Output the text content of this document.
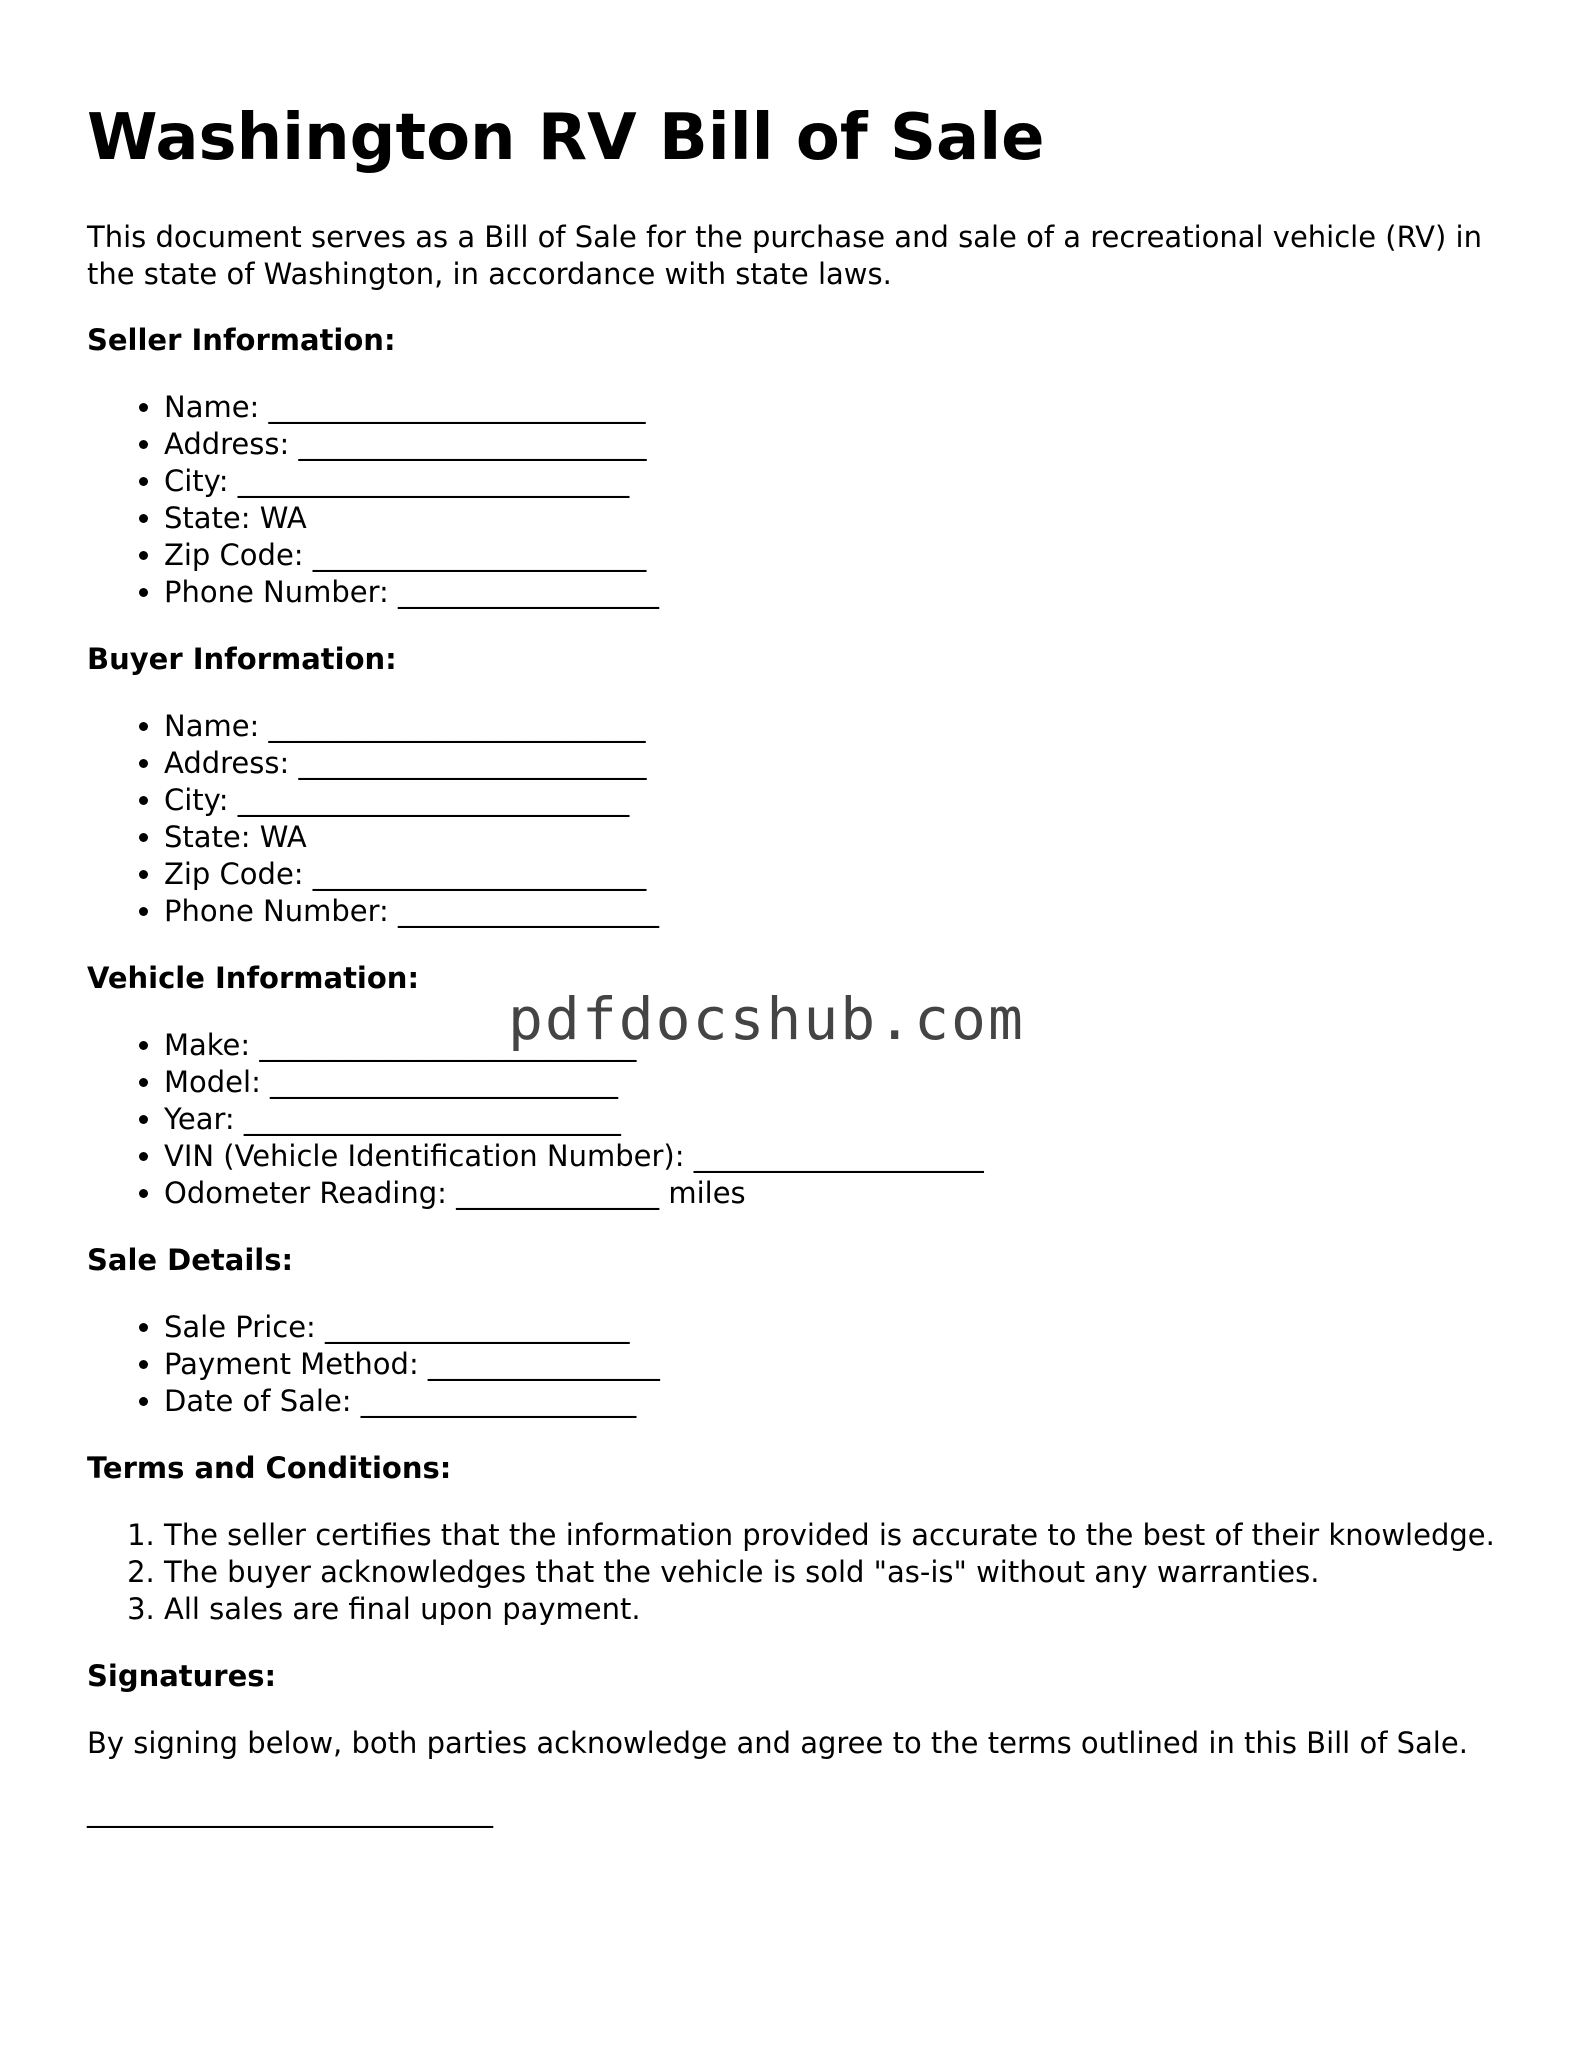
Washington RV Bill of Sale

This document serves as a Bill of Sale for the purchase and sale of a recreational vehicle (RV) in the state of Washington, in accordance with state laws.

Seller Information:
• Name: __________________________
• Address: ________________________
• City: ___________________________
• State: WA
• Zip Code: _______________________
• Phone Number: __________________
Buyer Information:
• Name: __________________________
• Address: ________________________
• City: ___________________________
• State: WA
• Zip Code: _______________________
• Phone Number: __________________
Vehicle Information:
• Make: __________________________
• Model: ________________________
• Year: __________________________
• VIN (Vehicle Identification Number): ____________________
• Odometer Reading: ______________ miles
Sale Details:
• Sale Price: _____________________
• Payment Method: ________________
• Date of Sale: ___________________
Terms and Conditions:
1. The seller certifies that the information provided is accurate to the best of their knowledge.
2. The buyer acknowledges that the vehicle is sold "as-is" without any warranties.
3. All sales are final upon payment.
Signatures:

By signing below, both parties acknowledge and agree to the terms outlined in this Bill of Sale.

____________________________
pdfdocshub.com
